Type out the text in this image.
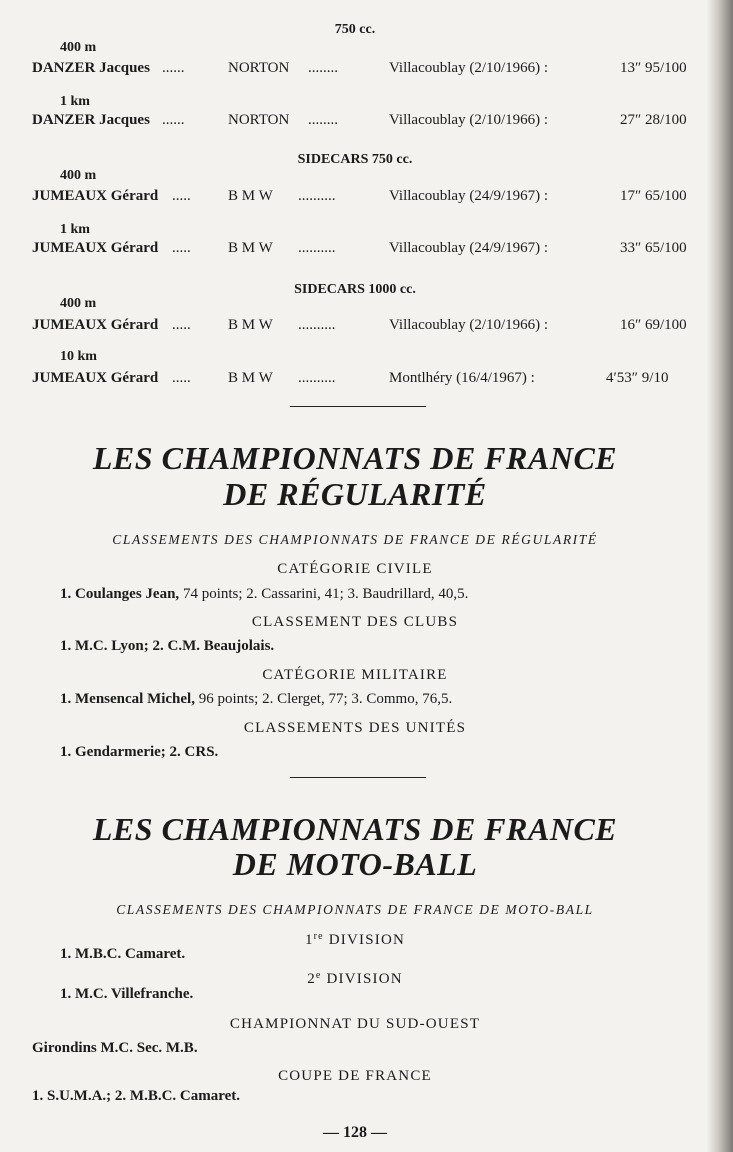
750 cc.
400 m
DANZER Jacques ......	NORTON ........	Villacoublay (2/10/1966) :	13″ 95/100
1 km
DANZER Jacques ......	NORTON ........	Villacoublay (2/10/1966) :	27″ 28/100
SIDECARS 750 cc.
400 m
JUMEAUX Gérard ..... B M W ..........	Villacoublay (24/9/1967) :	17″ 65/100
1 km
JUMEAUX Gérard ..... B M W ..........	Villacoublay (24/9/1967) :	33″ 65/100
SIDECARS 1000 cc.
400 m
JUMEAUX Gérard ..... B M W ..........	Villacoublay (2/10/1966) :	16″ 69/100
10 km
JUMEAUX Gérard ..... B M W ..........	Montlhéry (16/4/1967) :	4′53″ 9/10
LES CHAMPIONNATS DE FRANCE
DE RÉGULARITÉ
CLASSEMENTS DES CHAMPIONNATS DE FRANCE DE RÉGULARITÉ
CATÉGORIE CIVILE
1. Coulanges Jean, 74 points; 2. Cassarini, 41; 3. Baudrillard, 40,5.
CLASSEMENT DES CLUBS
1. M.C. Lyon; 2. C.M. Beaujolais.
CATÉGORIE MILITAIRE
1. Mensencal Michel, 96 points; 2. Clerget, 77; 3. Commo, 76,5.
CLASSEMENTS DES UNITÉS
1. Gendarmerie; 2. CRS.
LES CHAMPIONNATS DE FRANCE
DE MOTO-BALL
CLASSEMENTS DES CHAMPIONNATS DE FRANCE DE MOTO-BALL
1re DIVISION
1. M.B.C. Camaret.
2e DIVISION
1. M.C. Villefranche.
CHAMPIONNAT DU SUD-OUEST
Girondins M.C. Sec. M.B.
COUPE DE FRANCE
1. S.U.M.A.; 2. M.B.C. Camaret.
— 128 —
